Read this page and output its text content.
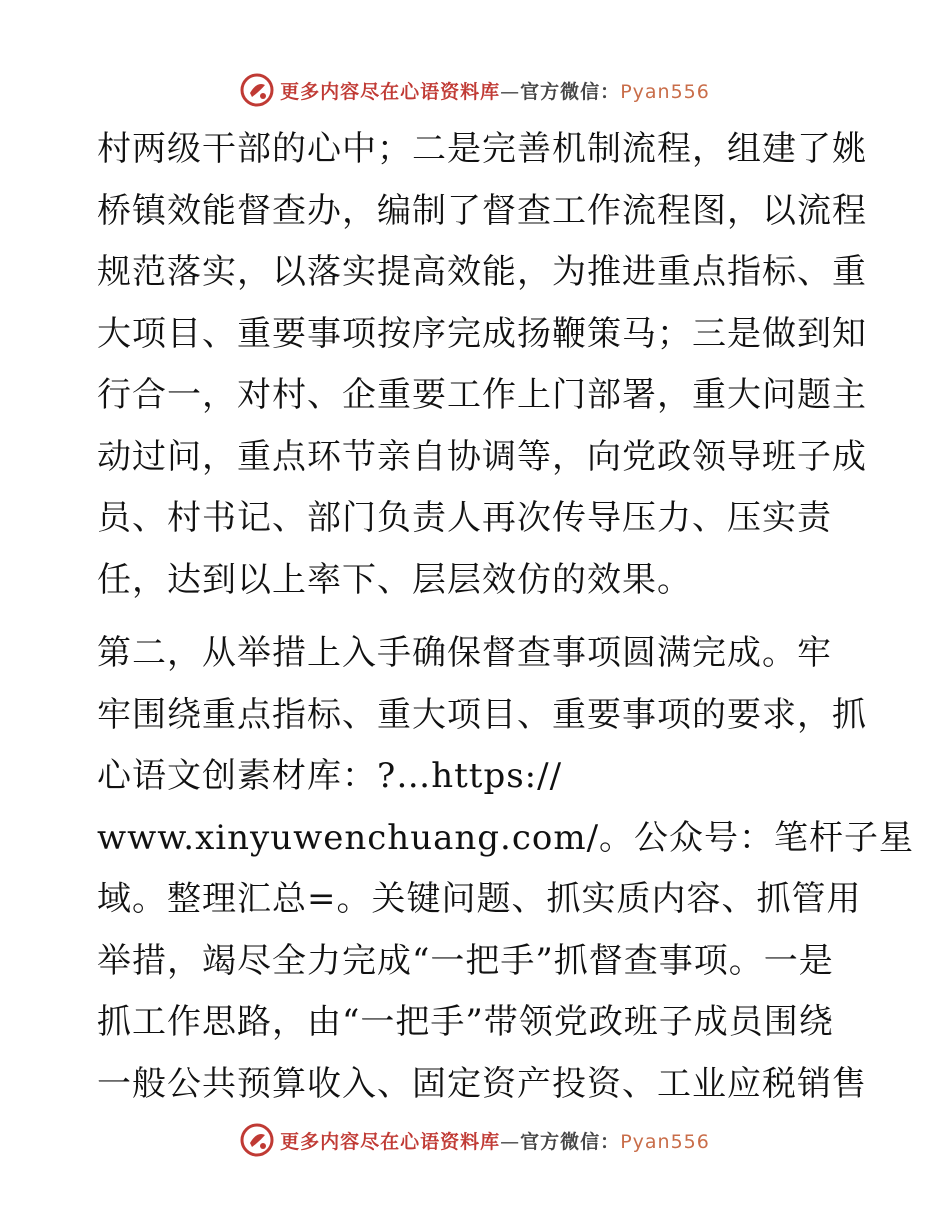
更多内容尽在心语资料库—官方微信：Pyan556
村两级干部的心中；二是完善机制流程，组建了姚
桥镇效能督查办，编制了督查工作流程图，以流程
规范落实，以落实提高效能，为推进重点指标、重
大项目、重要事项按序完成扬鞭策马；三是做到知
行合一，对村、企重要工作上门部署，重大问题主
动过问，重点环节亲自协调等，向党政领导班子成
员、村书记、部门负责人再次传导压力、压实责
任，达到以上率下、层层效仿的效果。
第二，从举措上入手确保督查事项圆满完成。牢
牢围绕重点指标、重大项目、重要事项的要求，抓
心语文创素材库：?…https://
www.xinyuwenchuang.com/。公众号：笔杆子星
域。整理汇总=。关键问题、抓实质内容、抓管用
举措，竭尽全力完成“一把手”抓督查事项。一是
抓工作思路，由“一把手”带领党政班子成员围绕
一般公共预算收入、固定资产投资、工业应税销售
更多内容尽在心语资料库—官方微信：Pyan556
